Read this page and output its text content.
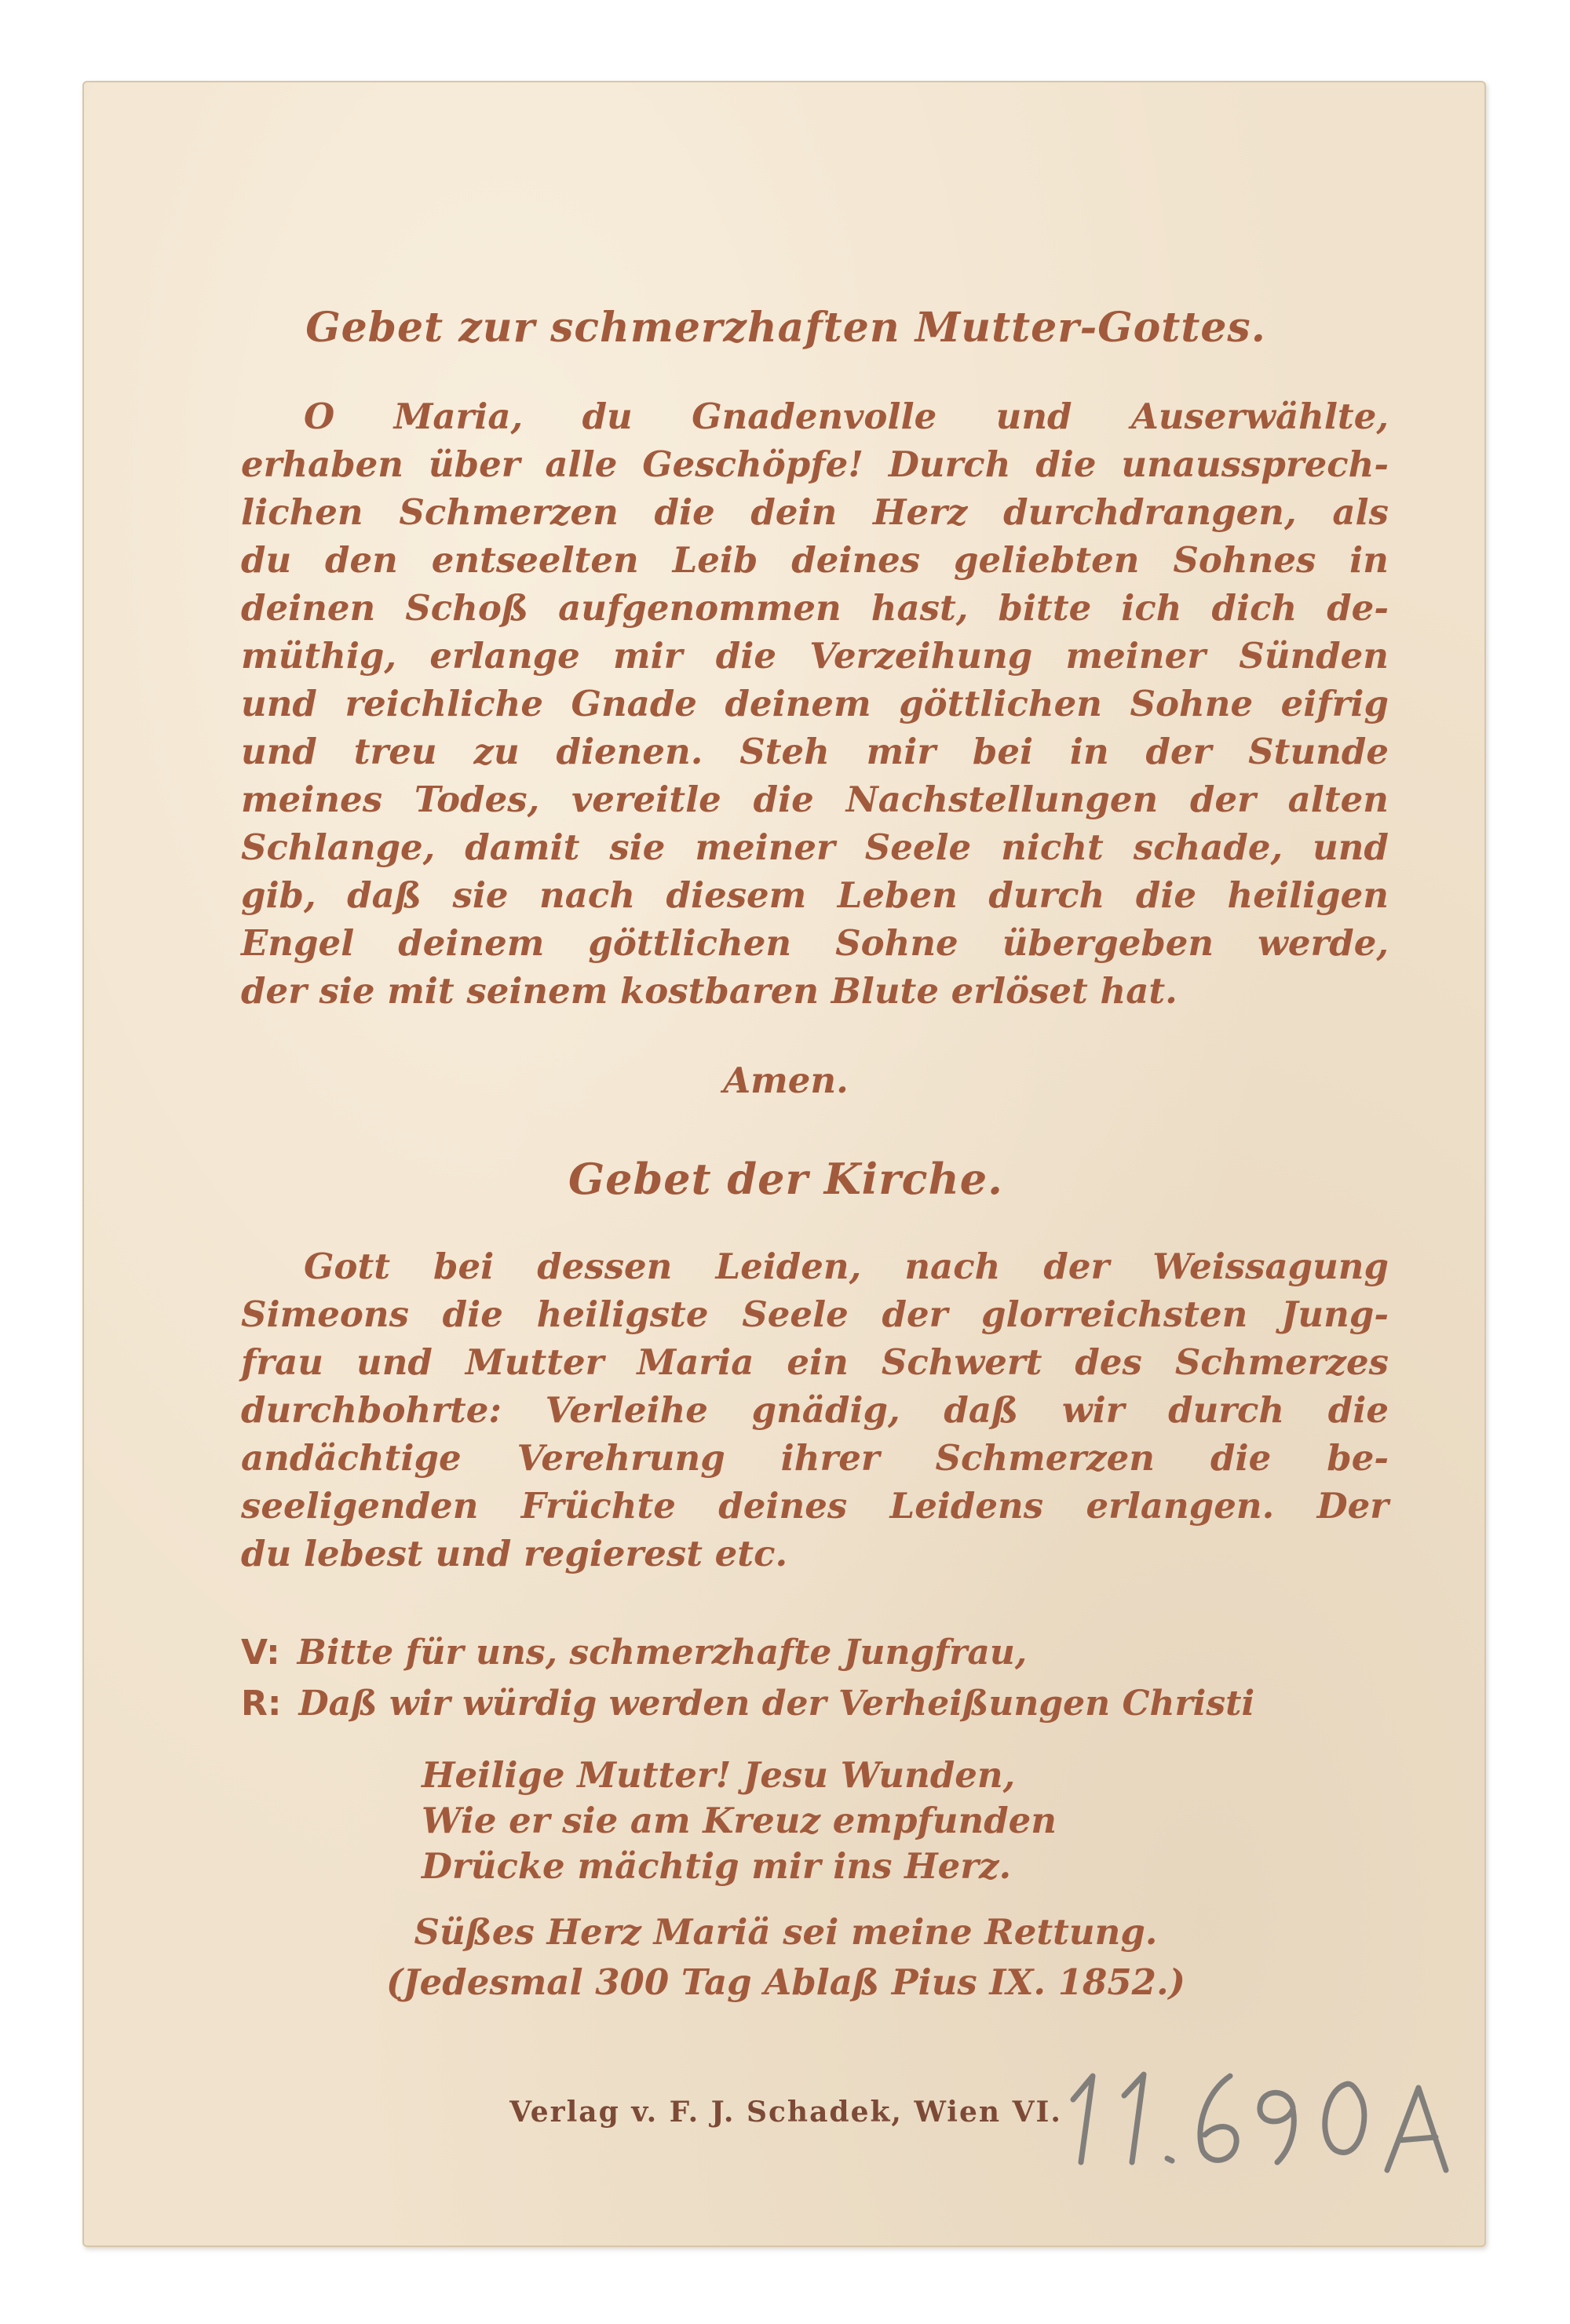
Gebet zur schmerzhaften Mutter-Gottes.
O Maria, du Gnadenvolle und Auserwählte,
erhaben über alle Geschöpfe! Durch die unaussprech-
lichen Schmerzen die dein Herz durchdrangen, als
du den entseelten Leib deines geliebten Sohnes in
deinen Schoß aufgenommen hast, bitte ich dich de-
müthig, erlange mir die Verzeihung meiner Sünden
und reichliche Gnade deinem göttlichen Sohne eifrig
und treu zu dienen. Steh mir bei in der Stunde
meines Todes, vereitle die Nachstellungen der alten
Schlange, damit sie meiner Seele nicht schade, und
gib, daß sie nach diesem Leben durch die heiligen
Engel deinem göttlichen Sohne übergeben werde,
der sie mit seinem kostbaren Blute erlöset hat.

Amen.

Gebet der Kirche.
Gott bei dessen Leiden, nach der Weissagung
Simeons die heiligste Seele der glorreichsten Jung-
frau und Mutter Maria ein Schwert des Schmerzes
durchbohrte: Verleihe gnädig, daß wir durch die
andächtige Verehrung ihrer Schmerzen die be-
seeligenden Früchte deines Leidens erlangen. Der
du lebest und regierest etc.

V: Bitte für uns, schmerzhafte Jungfrau,

R: Daß wir würdig werden der Verheißungen Christi

Heilige Mutter! Jesu Wunden,
Wie er sie am Kreuz empfunden
Drücke mächtig mir ins Herz.

Süßes Herz Mariä sei meine Rettung.

(Jedesmal 300 Tag Ablaß Pius IX. 1852.)

Verlag v. F. J. Schadek, Wien VI.
